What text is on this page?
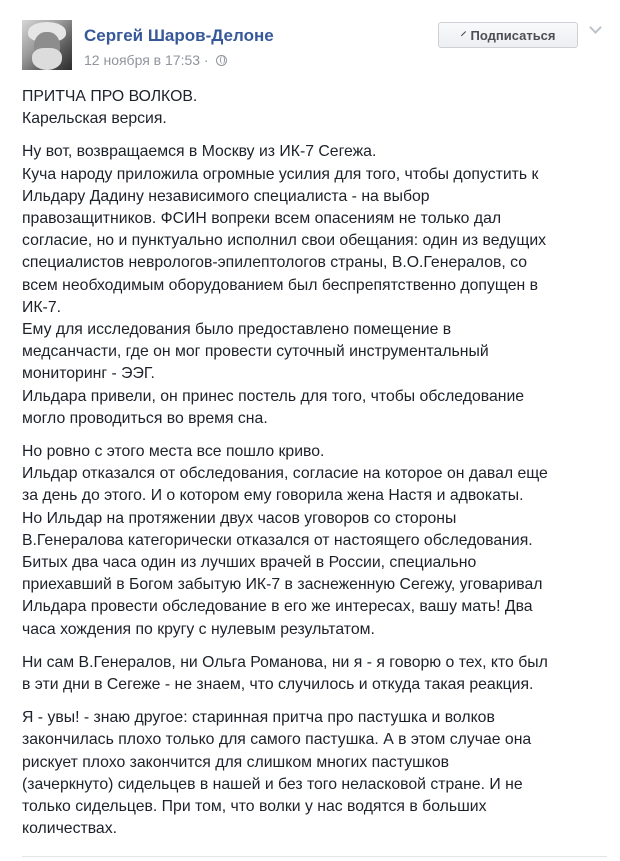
Сергей Шаров-Делоне
12 ноября в 17:53 ·
⸍ Подписаться
ПРИТЧА ПРО ВОЛКОВ.
Карельская версия.
Ну вот, возвращаемся в Москву из ИК-7 Сегежа.
Куча народу приложила огромные усилия для того, чтобы допустить к
Ильдару Дадину независимого специалиста - на выбор
правозащитников. ФСИН вопреки всем опасениям не только дал
согласие, но и пунктуально исполнил свои обещания: один из ведущих
специалистов неврологов-эпилептологов страны, В.О.Генералов, со
всем необходимым оборудованием был беспрепятственно допущен в
ИК-7.
Ему для исследования было предоставлено помещение в
медсанчасти, где он мог провести суточный инструментальный
мониторинг - ЭЭГ.
Ильдара привели, он принес постель для того, чтобы обследование
могло проводиться во время сна.
Но ровно с этого места все пошло криво.
Ильдар отказался от обследования, согласие на которое он давал еще
за день до этого. И о котором ему говорила жена Настя и адвокаты.
Но Ильдар на протяжении двух часов уговоров со стороны
В.Генералова категорически отказался от настоящего обследования.
Битых два часа один из лучших врачей в России, специально
приехавший в Богом забытую ИК-7 в заснеженную Сегежу, уговаривал
Ильдара провести обследование в его же интересах, вашу мать! Два
часа хождения по кругу с нулевым результатом.
Ни сам В.Генералов, ни Ольга Романова, ни я - я говорю о тех, кто был
в эти дни в Сегеже - не знаем, что случилось и откуда такая реакция.
Я - увы! - знаю другое: старинная притча про пастушка и волков
закончилась плохо только для самого пастушка. А в этом случае она
рискует плохо закончится для слишком многих пастушков
(зачеркнуто) сидельцев в нашей и без того неласковой стране. И не
только сидельцев. При том, что волки у нас водятся в больших
количествах.
